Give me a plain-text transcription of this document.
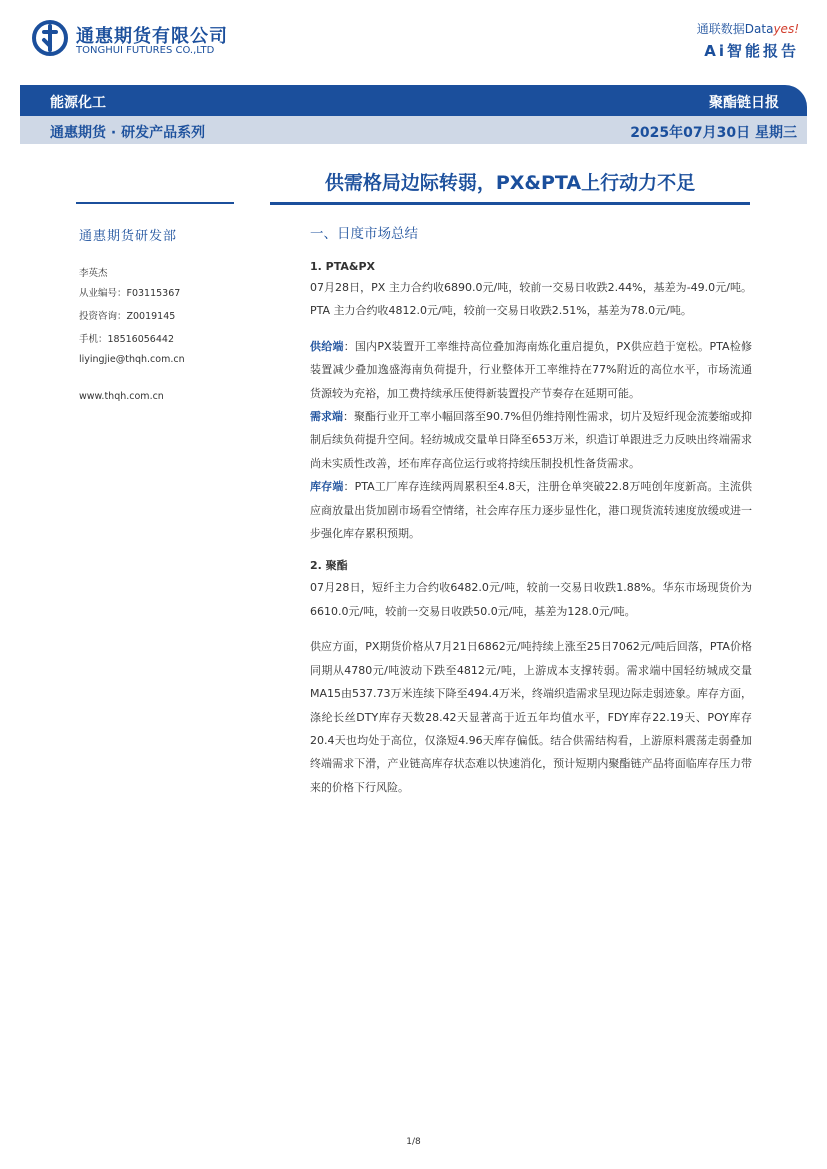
通惠期货有限公司
TONGHUI FUTURES CO.,LTD
通联数据Datayes!
Ai智能报告
能源化工	聚酯链日报
通惠期货 · 研发产品系列	2025年07月30日 星期三
供需格局边际转弱，PX&PTA上行动力不足
通惠期货研发部
李英杰
从业编号：F03115367
投资咨询：Z0019145
手机：18516056442
liyingjie@thqh.com.cn
www.thqh.com.cn
一、日度市场总结
1. PTA&PX

07月28日，PX 主力合约收6890.0元/吨，较前一交易日收跌2.44%，基差为-49.0元/吨。PTA 主力合约收4812.0元/吨，较前一交易日收跌2.51%，基差为78.0元/吨。

供给端：国内PX装置开工率维持高位叠加海南炼化重启提负，PX供应趋于宽松。PTA检修装置减少叠加逸盛海南负荷提升，行业整体开工率维持在77%附近的高位水平，市场流通货源较为充裕，加工费持续承压使得新装置投产节奏存在延期可能。

需求端：聚酯行业开工率小幅回落至90.7%但仍维持刚性需求，切片及短纤现金流萎缩或抑制后续负荷提升空间。轻纺城成交量单日降至653万米，织造订单跟进乏力反映出终端需求尚未实质性改善，坯布库存高位运行或将持续压制投机性备货需求。

库存端：PTA工厂库存连续两周累积至4.8天，注册仓单突破22.8万吨创年度新高。主流供应商放量出货加剧市场看空情绪，社会库存压力逐步显性化，港口现货流转速度放缓或进一步强化库存累积预期。

2. 聚酯

07月28日，短纤主力合约收6482.0元/吨，较前一交易日收跌1.88%。华东市场现货价为6610.0元/吨，较前一交易日收跌50.0元/吨，基差为128.0元/吨。

供应方面，PX期货价格从7月21日6862元/吨持续上涨至25日7062元/吨后回落，PTA价格同期从4780元/吨波动下跌至4812元/吨，上游成本支撑转弱。需求端中国轻纺城成交量MA15由537.73万米连续下降至494.4万米，终端织造需求呈现边际走弱迹象。库存方面，涤纶长丝DTY库存天数28.42天显著高于近五年均值水平，FDY库存22.19天、POY库存20.4天也均处于高位，仅涤短4.96天库存偏低。结合供需结构看，上游原料震荡走弱叠加终端需求下滑，产业链高库存状态难以快速消化，预计短期内聚酯链产品将面临库存压力带来的价格下行风险。

1/8
